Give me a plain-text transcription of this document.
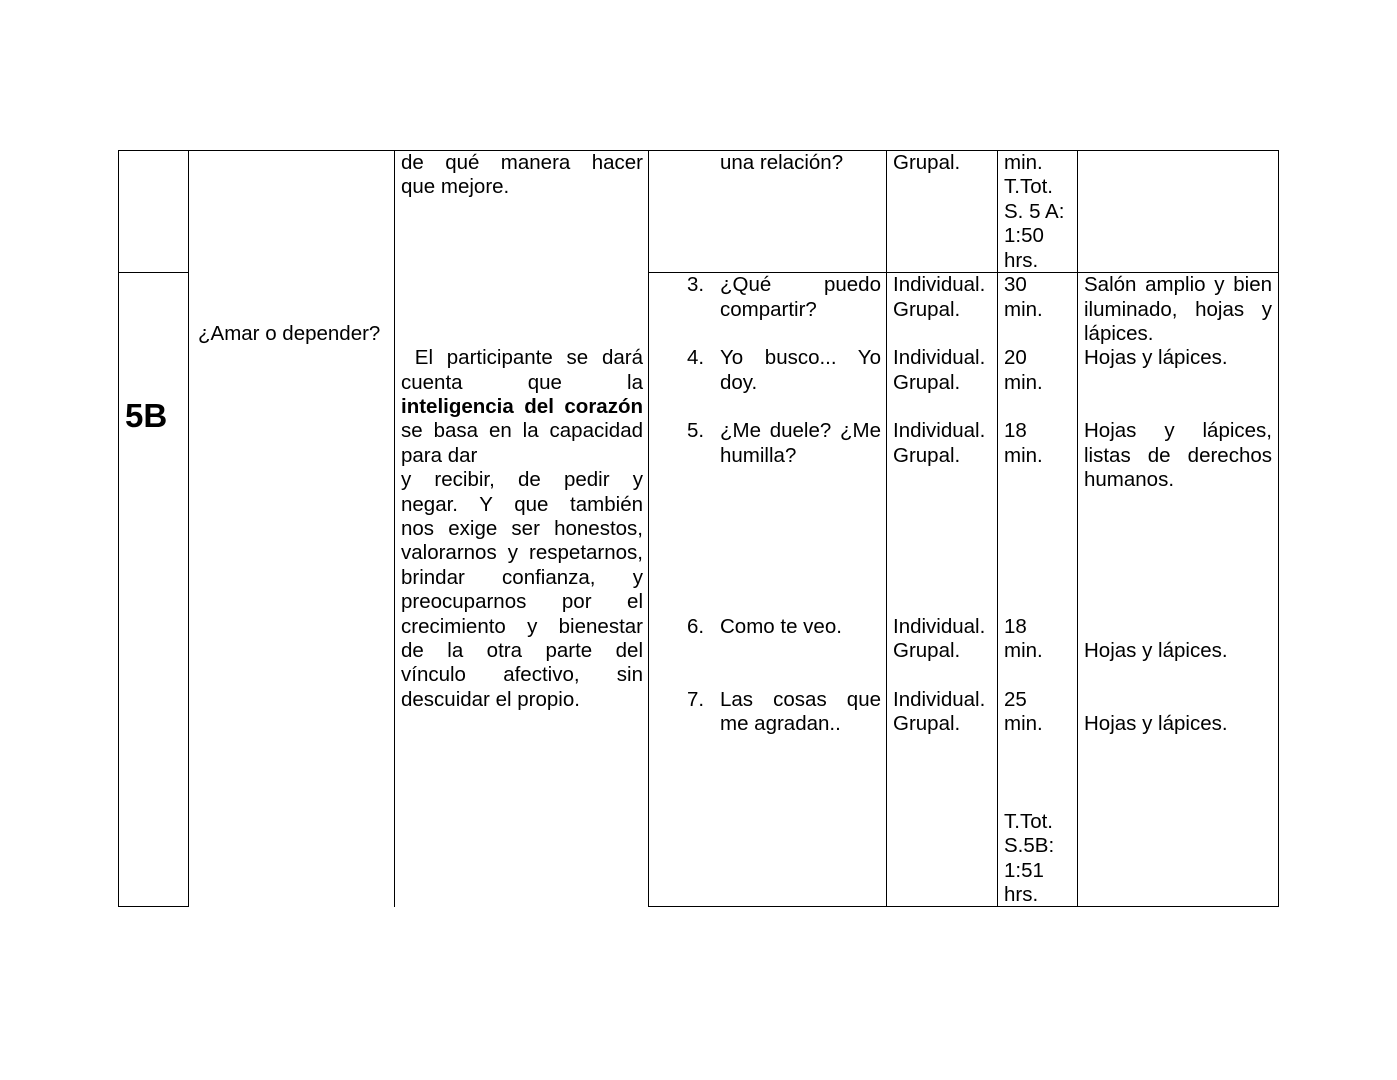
5B
¿Amar o depender?
de qué manera hacer
que mejore.
El participante se dará
cuenta que la
inteligencia del corazón
se basa en la capacidad
para dar
y recibir, de pedir y
negar. Y que también
nos exige ser honestos,
valorarnos y respetarnos,
brindar confianza, y
preocuparnos por el
crecimiento y bienestar
de la otra parte del
vínculo afectivo, sin
descuidar el propio.
una relación? Grupal. min.
T.Tot.
S. 5 A:
1:50
hrs.
3. ¿Qué puedo
compartir?
Individual.
Grupal.
30
min.
Salón amplio y bien
iluminado, hojas y
lápices.
4. Yo busco... Yo
doy.
Individual.
Grupal.
20
min.
Hojas y lápices.
5. ¿Me duele? ¿Me
humilla?
Individual.
Grupal.
18
min.
Hojas y lápices,
listas de derechos
humanos.
6. Como te veo. Individual.
Grupal.
18
min. Hojas y lápices.
7. Las cosas que
me agradan..
Individual.
Grupal.
25
min. Hojas y lápices.
T.Tot.
S.5B:
1:51
hrs.
